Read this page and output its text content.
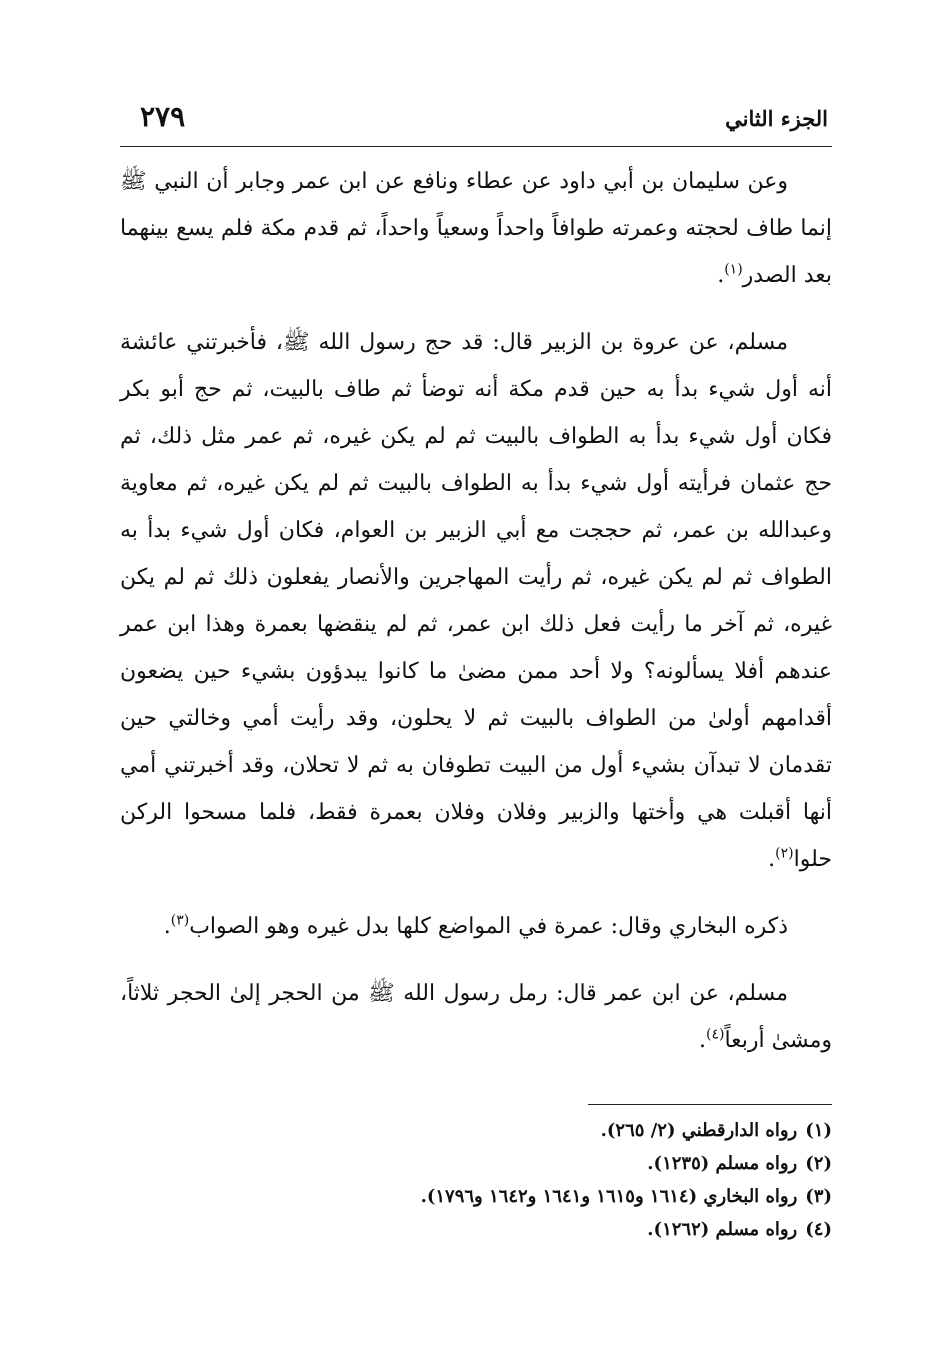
الجزء الثاني
٢٧٩

وعن سليمان بن أبي داود عن عطاء ونافع عن ابن عمر وجابر أن النبي ﷺ إنما طاف لحجته وعمرته طوافاً واحداً وسعياً واحداً، ثم قدم مكة فلم يسع بينهما بعد الصدر$^{(١)}$.

مسلم، عن عروة بن الزبير قال: قد حج رسول الله ﷺ، فأخبرتني عائشة أنه أول شيء بدأ به حين قدم مكة أنه توضأ ثم طاف بالبيت، ثم حج أبو بكر فكان أول شيء بدأ به الطواف بالبيت ثم لم يكن غيره، ثم عمر مثل ذلك، ثم حج عثمان فرأيته أول شيء بدأ به الطواف بالبيت ثم لم يكن غيره، ثم معاوية وعبدالله بن عمر، ثم حججت مع أبي الزبير بن العوام، فكان أول شيء بدأ به الطواف ثم لم يكن غيره، ثم رأيت المهاجرين والأنصار يفعلون ذلك ثم لم يكن غيره، ثم آخر ما رأيت فعل ذلك ابن عمر، ثم لم ينقضها بعمرة وهذا ابن عمر عندهم أفلا يسألونه؟ ولا أحد ممن مضىٰ ما كانوا يبدؤون بشيء حين يضعون أقدامهم أولىٰ من الطواف بالبيت ثم لا يحلون، وقد رأيت أمي وخالتي حين تقدمان لا تبدآن بشيء أول من البيت تطوفان به ثم لا تحلان، وقد أخبرتني أمي أنها أقبلت هي وأختها والزبير وفلان وفلان بعمرة فقط، فلما مسحوا الركن حلوا$^{(٢)}$.

ذكره البخاري وقال: عمرة في المواضع كلها بدل غيره وهو الصواب$^{(٣)}$.

مسلم، عن ابن عمر قال: رمل رسول الله ﷺ من الحجر إلىٰ الحجر ثلاثاً، ومشىٰ أربعاً$^{(٤)}$.

(١)رواه الدارقطني (٢/ ٢٦٥).

(٢)رواه مسلم (١٢٣٥).

(٣)رواه البخاري (١٦١٤ و١٦١٥ و١٦٤١ و١٦٤٢ و١٧٩٦).

(٤)رواه مسلم (١٢٦٢).
